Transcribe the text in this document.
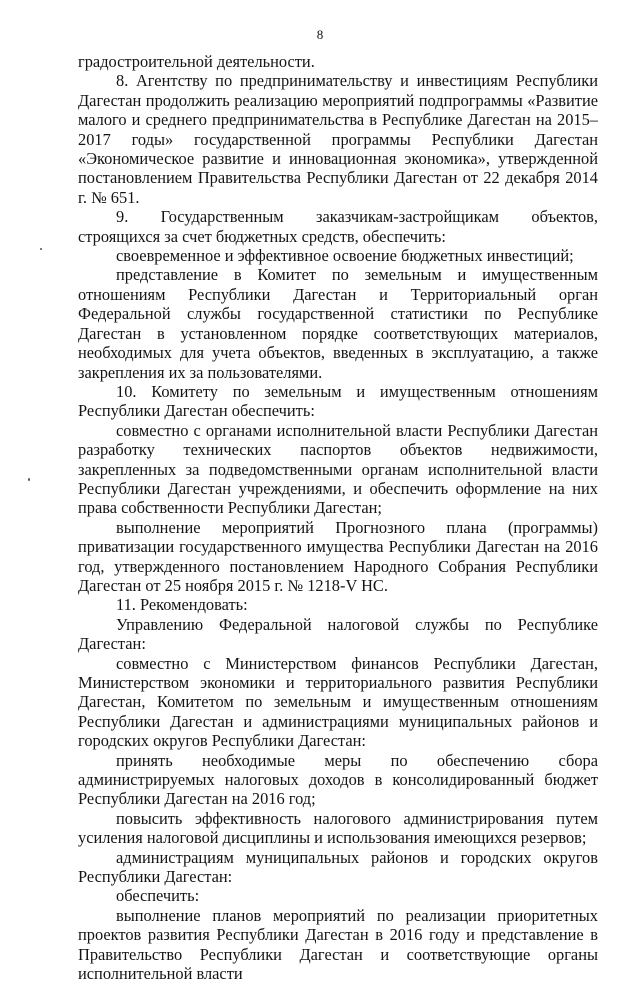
8

градостроительной деятельности.

8. Агентству по предпринимательству и инвестициям Республики Дагестан продолжить реализацию мероприятий подпрограммы «Развитие малого и среднего предпринимательства в Республике Дагестан на 2015–2017 годы» государственной программы Республики Дагестан «Экономическое развитие и инновационная экономика», утвержденной постановлением Правительства Республики Дагестан от 22 декабря 2014 г. № 651.

9. Государственным заказчикам-застройщикам объектов, строящихся за счет бюджетных средств, обеспечить:

своевременное и эффективное освоение бюджетных инвестиций;

представление в Комитет по земельным и имущественным отношениям Республики Дагестан и Территориальный орган Федеральной службы государственной статистики по Республике Дагестан в установленном порядке соответствующих материалов, необходимых для учета объектов, введенных в эксплуатацию, а также закрепления их за пользователями.

10. Комитету по земельным и имущественным отношениям Республики Дагестан обеспечить:

совместно с органами исполнительной власти Республики Дагестан разработку технических паспортов объектов недвижимости, закрепленных за подведомственными органам исполнительной власти Республики Дагестан учреждениями, и обеспечить оформление на них права собственности Республики Дагестан;

выполнение мероприятий Прогнозного плана (программы) приватизации государственного имущества Республики Дагестан на 2016 год, утвержденного постановлением Народного Собрания Республики Дагестан от 25 ноября 2015 г. № 1218-V НС.

11. Рекомендовать:

Управлению Федеральной налоговой службы по Республике Дагестан:

совместно с Министерством финансов Республики Дагестан, Министерством экономики и территориального развития Республики Дагестан, Комитетом по земельным и имущественным отношениям Республики Дагестан и администрациями муниципальных районов и городских округов Республики Дагестан:

принять необходимые меры по обеспечению сбора администрируемых налоговых доходов в консолидированный бюджет Республики Дагестан на 2016 год;

повысить эффективность налогового администрирования путем усиления налоговой дисциплины и использования имеющихся резервов;

администрациям муниципальных районов и городских округов Республики Дагестан:

обеспечить:

выполнение планов мероприятий по реализации приоритетных проектов развития Республики Дагестан в 2016 году и представление в Правительство Республики Дагестан и соответствующие органы исполнительной власти
